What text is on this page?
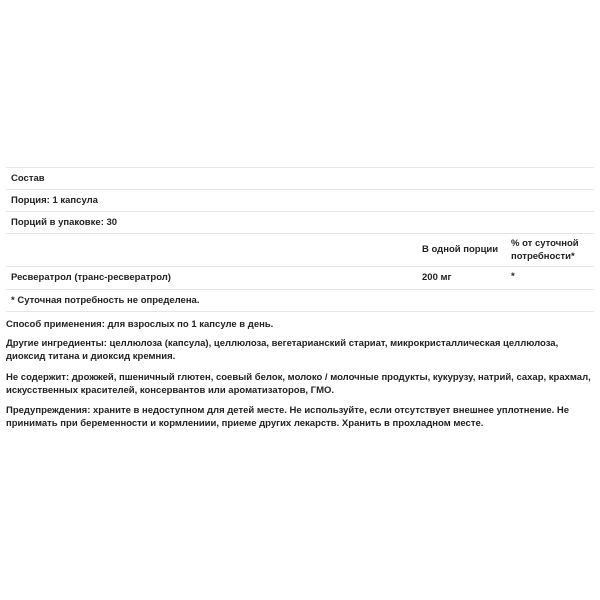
Состав
Порция: 1 капсула
Порций в упаковке: 30
В одной порции
% от суточной
потребности*
Ресвератрол (транс-ресвератрол)	200 мг	*
* Суточная потребность не определена.
Способ применения: для взрослых по 1 капсуле в день.
Другие ингредиенты: целлюлоза (капсула), целлюлоза, вегетарианский стариат, микрокристаллическая целлюлоза, диоксид титана и диоксид кремния.
Не содержит: дрожжей, пшеничный глютен, соевый белок, молоко / молочные продукты, кукурузу, натрий, сахар, крахмал, искусственных красителей, консервантов или ароматизаторов, ГМО.
Предупреждения: храните в недоступном для детей месте. Не используйте, если отсутствует внешнее уплотнение. Не принимать при беременности и кормлениии, приеме других лекарств. Хранить в прохладном месте.
